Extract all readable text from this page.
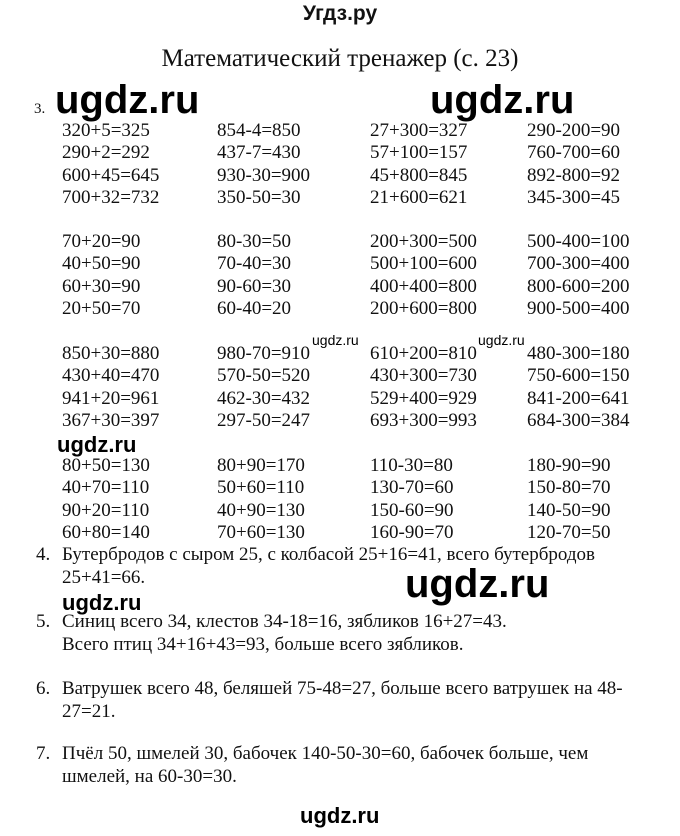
Угдз.ру
Математический тренажер (с. 23)
3.
320+5=325	854-4=850	27+300=327	290-200=90
290+2=292	437-7=430	57+100=157	760-700=60
600+45=645	930-30=900	45+800=845	892-800=92
700+32=732	350-50=30	21+600=621	345-300=45
70+20=90	80-30=50	200+300=500	500-400=100
40+50=90	70-40=30	500+100=600	700-300=400
60+30=90	90-60=30	400+400=800	800-600=200
20+50=70	60-40=20	200+600=800	900-500=400
850+30=880	980-70=910	610+200=810	480-300=180
430+40=470	570-50=520	430+300=730	750-600=150
941+20=961	462-30=432	529+400=929	841-200=641
367+30=397	297-50=247	693+300=993	684-300=384
80+50=130	80+90=170	110-30=80	180-90=90
40+70=110	50+60=110	130-70=60	150-80=70
90+20=110	40+90=130	150-60=90	140-50=90
60+80=140	70+60=130	160-90=70	120-70=50
4. Бутербродов с сыром 25, с колбасой 25+16=41, всего бутербродов
25+41=66.
5. Синиц всего 34, клестов 34-18=16, зябликов 16+27=43.
Всего птиц 34+16+43=93, больше всего зябликов.
6. Ватрушек всего 48, беляшей 75-48=27, больше всего ватрушек на 48-
27=21.
7. Пчёл 50, шмелей 30, бабочек 140-50-30=60, бабочек больше, чем
шмелей, на 60-30=30.
ugdz.ru	ugdz.ru
ugdz.ru	ugdz.ru
ugdz.ru
ugdz.ru
ugdz.ru
ugdz.ru
